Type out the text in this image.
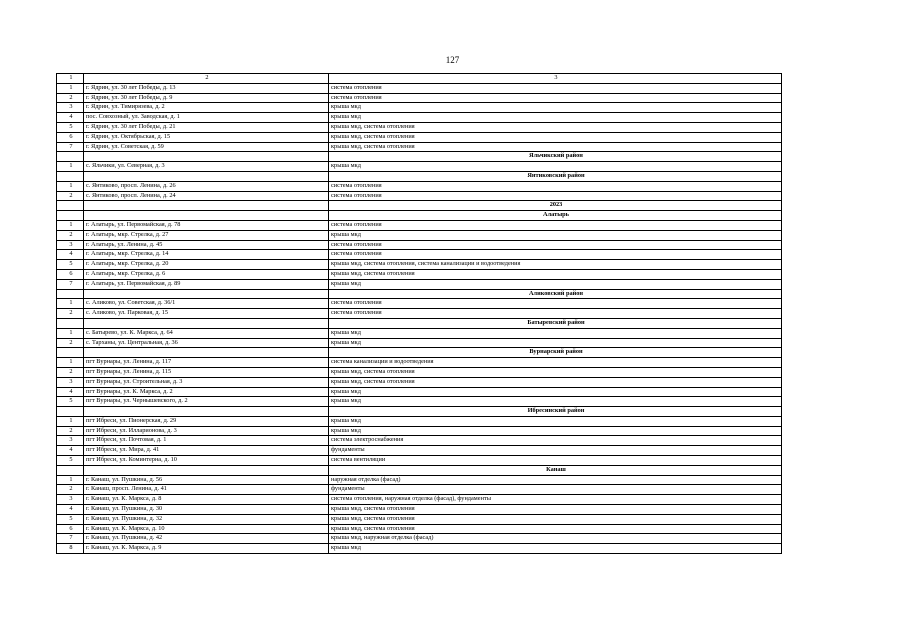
127
1	2	3
1	г. Ядрин, ул. 30 лет Победы, д. 13	система отопления
2	г. Ядрин, ул. 30 лет Победы, д. 9	система отопления
3	г. Ядрин, ул. Тимирязева, д. 2	крыша мкд
4	пос. Совхозный, ул. Заводская, д. 1	крыша мкд
5	г. Ядрин, ул. 30 лет Победы, д. 21	крыша мкд, система отопления
6	г. Ядрин, ул. Октябрьская, д. 15	крыша мкд, система отопления
7	г. Ядрин, ул. Советская, д. 59	крыша мкд, система отопления
		Яльчикский район
1	с. Яльчики, ул. Северная, д. 3	крыша мкд
		Янтиковский район
1	с. Янтиково, просп. Ленина, д. 26	система отопления
2	с. Янтиково, просп. Ленина, д. 24	система отопления
		2023
		Алатырь
1	г. Алатырь, ул. Первомайская, д. 78	система отопления
2	г. Алатырь, мкр. Стрелка, д. 27	крыша мкд
3	г. Алатырь, ул. Ленина, д. 45	система отопления
4	г. Алатырь, мкр. Стрелка, д. 14	система отопления
5	г. Алатырь, мкр. Стрелка, д. 20	крыша мкд, система отопления, система канализации и водоотведения
6	г. Алатырь, мкр. Стрелка, д. 6	крыша мкд, система отопления
7	г. Алатырь, ул. Первомайская, д. 89	крыша мкд
		Аликовский район
1	с. Аликово, ул. Советская, д. 36/1	система отопления
2	с. Аликово, ул. Парковая, д. 15	система отопления
		Батыревский район
1	с. Батырево, ул. К. Маркса, д. 64	крыша мкд
2	с. Тарханы, ул. Центральная, д. 36	крыша мкд
		Вурнарский район
1	пгт Вурнары, ул. Ленина, д. 117	система канализации и водоотведения
2	пгт Вурнары, ул. Ленина, д. 115	крыша мкд, система отопления
3	пгт Вурнары, ул. Строительная, д. 3	крыша мкд, система отопления
4	пгт Вурнары, ул. К. Маркса, д. 2	крыша мкд
5	пгт Вурнары, ул. Чернышевского, д. 2	крыша мкд
		Ибресинский район
1	пгт Ибреси, ул. Пионерская, д. 29	крыша мкд
2	пгт Ибреси, ул. Илларионова, д. 3	крыша мкд
3	пгт Ибреси, ул. Почтовая, д. 1	система электроснабжения
4	пгт Ибреси, ул. Мира, д. 41	фундаменты
5	пгт Ибреси, ул. Коминтерна, д. 10	система вентиляции
		Канаш
1	г. Канаш, ул. Пушкина, д. 56	наружная отделка (фасад)
2	г. Канаш, просп. Ленина, д. 41	фундаменты
3	г. Канаш, ул. К. Маркса, д. 8	система отопления, наружная отделка (фасад), фундаменты
4	г. Канаш, ул. Пушкина, д. 30	крыша мкд, система отопления
5	г. Канаш, ул. Пушкина, д. 32	крыша мкд, система отопления
6	г. Канаш, ул. К. Маркса, д. 10	крыша мкд, система отопления
7	г. Канаш, ул. Пушкина, д. 42	крыша мкд, наружная отделка (фасад)
8	г. Канаш, ул. К. Маркса, д. 9	крыша мкд
